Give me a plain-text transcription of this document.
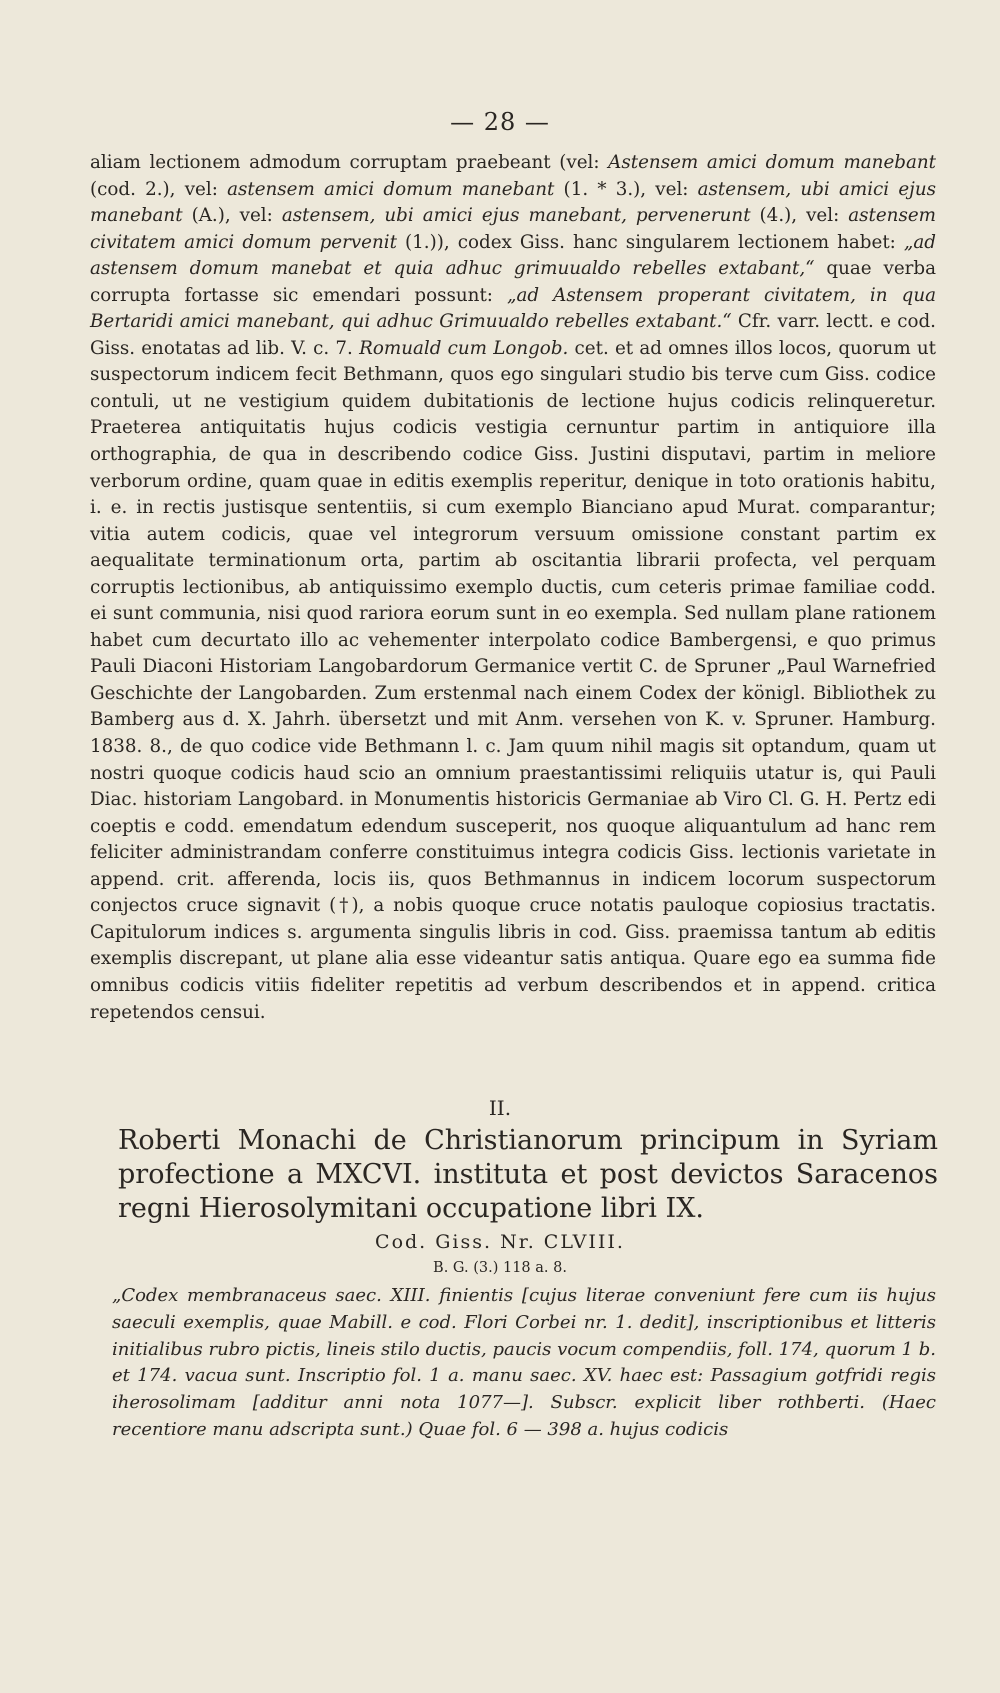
— 28 —

aliam lectionem admodum corruptam praebeant (vel: Astensem amici domum manebant (cod. 2.), vel: astensem amici domum manebant (1. * 3.), vel: astensem, ubi amici ejus manebant (A.), vel: astensem, ubi amici ejus manebant, pervenerunt (4.), vel: astensem civitatem amici domum pervenit (1.)), codex Giss. hanc singularem lectionem habet: „ad astensem domum manebat et quia adhuc grimuualdo rebelles extabant,“ quae verba corrupta fortasse sic emendari possunt: „ad Astensem properant civitatem, in qua Bertaridi amici manebant, qui adhuc Grimuualdo rebelles extabant.“ Cfr. varr. lectt. e cod. Giss. enotatas ad lib. V. c. 7. Romuald cum Longob. cet. et ad omnes illos locos, quorum ut suspectorum indicem fecit Bethmann, quos ego singulari studio bis terve cum Giss. codice contuli, ut ne vestigium quidem dubitationis de lectione hujus codicis relinqueretur. Praeterea antiquitatis hujus codicis vestigia cernuntur partim in antiquiore illa orthographia, de qua in describendo codice Giss. Justini disputavi, partim in meliore verborum ordine, quam quae in editis exemplis reperitur, denique in toto orationis habitu, i. e. in rectis justisque sententiis, si cum exemplo Bianciano apud Murat. comparantur; vitia autem codicis, quae vel integrorum versuum omissione constant partim ex aequalitate terminationum orta, partim ab oscitantia librarii profecta, vel perquam corruptis lectionibus, ab antiquissimo exemplo ductis, cum ceteris primae familiae codd. ei sunt communia, nisi quod rariora eorum sunt in eo exempla. Sed nullam plane rationem habet cum decurtato illo ac vehementer interpolato codice Bambergensi, e quo primus Pauli Diaconi Historiam Langobardorum Germanice vertit C. de Spruner „Paul Warnefried Geschichte der Langobarden. Zum erstenmal nach einem Codex der königl. Bibliothek zu Bamberg aus d. X. Jahrh. übersetzt und mit Anm. versehen von K. v. Spruner. Hamburg. 1838. 8., de quo codice vide Bethmann l. c. Jam quum nihil magis sit optandum, quam ut nostri quoque codicis haud scio an omnium praestantissimi reliquiis utatur is, qui Pauli Diac. historiam Langobard. in Monumentis historicis Germaniae ab Viro Cl. G. H. Pertz edi coeptis e codd. emendatum edendum susceperit, nos quoque aliquantulum ad hanc rem feliciter administrandam conferre constituimus integra codicis Giss. lectionis varietate in append. crit. afferenda, locis iis, quos Bethmannus in indicem locorum suspectorum conjectos cruce signavit (†), a nobis quoque cruce notatis pauloque copiosius tractatis. Capitulorum indices s. argumenta singulis libris in cod. Giss. praemissa tantum ab editis exemplis discrepant, ut plane alia esse videantur satis antiqua. Quare ego ea summa fide omnibus codicis vitiis fideliter repetitis ad verbum describendos et in append. critica repetendos censui.

II.
Roberti Monachi de Christianorum principum in Syriam profectione a MXCVI. instituta et post devictos Saracenos regni Hierosolymitani occupatione libri IX.
Cod. Giss. Nr. CLVIII.
B. G. (3.) 118 a. 8.

„Codex membranaceus saec. XIII. finientis [cujus literae conveniunt fere cum iis hujus saeculi exemplis, quae Mabill. e cod. Flori Corbei nr. 1. dedit], inscriptionibus et litteris initialibus rubro pictis, lineis stilo ductis, paucis vocum compendiis, foll. 174, quorum 1 b. et 174. vacua sunt. Inscriptio fol. 1 a. manu saec. XV. haec est: Passagium gotfridi regis iherosolimam [additur anni nota 1077—]. Subscr. explicit liber rothberti. (Haec recentiore manu adscripta sunt.) Quae fol. 6 — 398 a. hujus codicis
